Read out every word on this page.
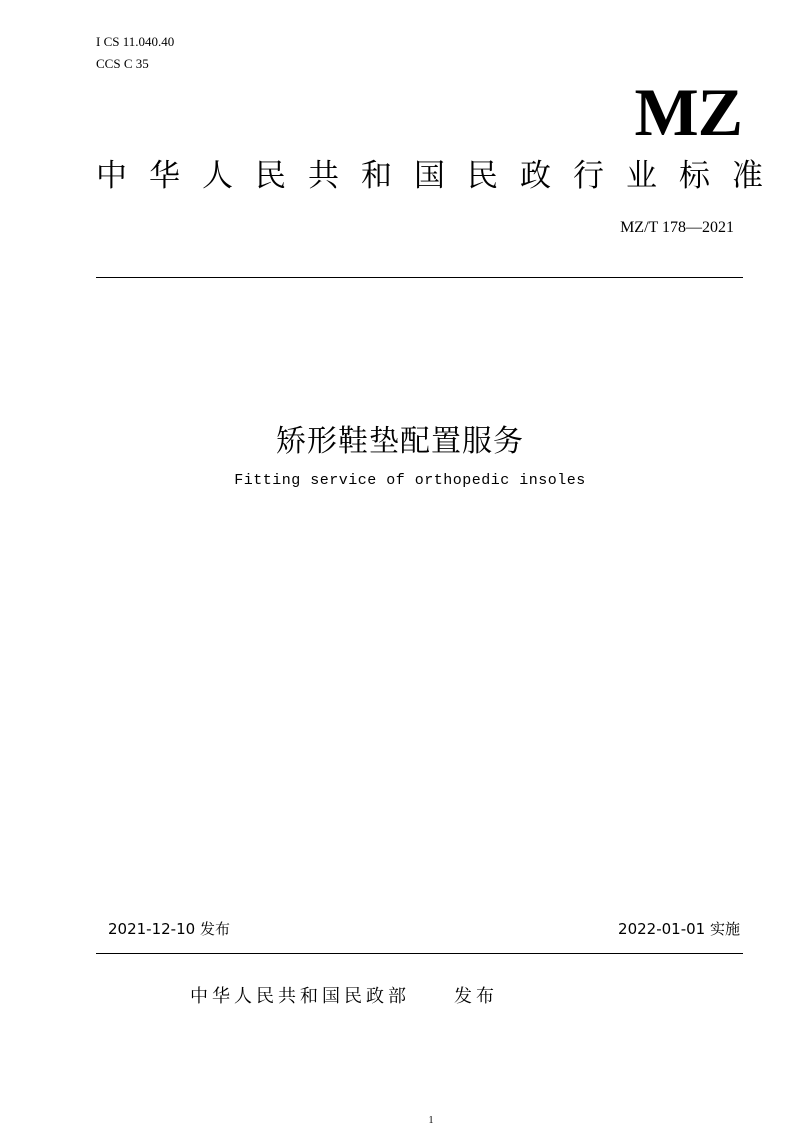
I CS 11.040.40
CCS C 35
MZ
中华人民共和国民政行业标准
MZ/T 178—2021
矫形鞋垫配置服务
Fitting service of orthopedic insoles
2021-12-10 发布	2022-01-01 实施
中华人民共和国民政部 发布
1
